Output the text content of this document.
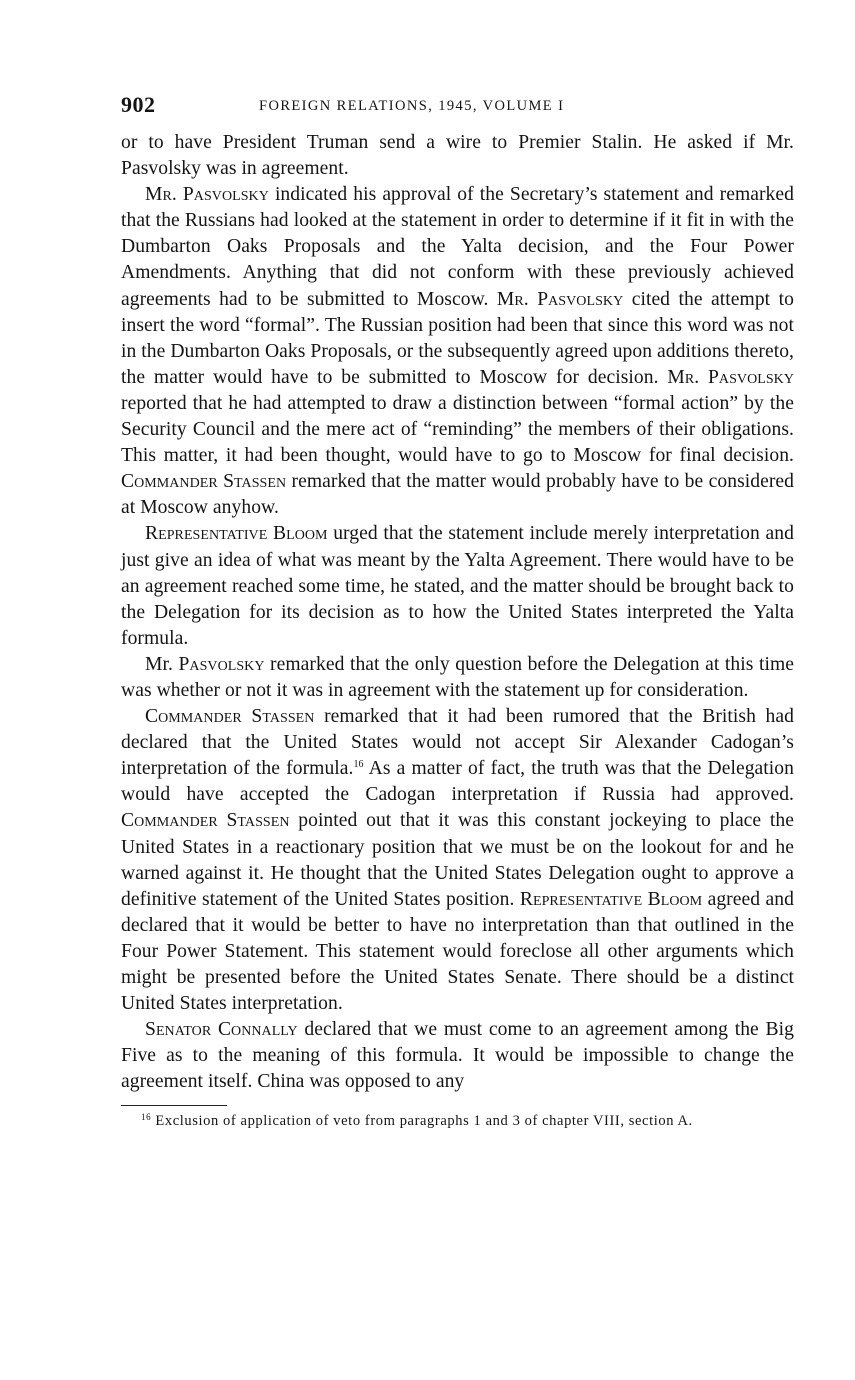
902	FOREIGN RELATIONS, 1945, VOLUME I

or to have President Truman send a wire to Premier Stalin. He asked if Mr. Pasvolsky was in agreement.

Mr. Pasvolsky indicated his approval of the Secretary’s statement and remarked that the Russians had looked at the statement in order to determine if it fit in with the Dumbarton Oaks Proposals and the Yalta decision, and the Four Power Amendments. Anything that did not conform with these previously achieved agreements had to be submitted to Moscow. Mr. Pasvolsky cited the attempt to insert the word “formal”. The Russian position had been that since this word was not in the Dumbarton Oaks Proposals, or the subsequently agreed upon additions thereto, the matter would have to be submitted to Moscow for decision. Mr. Pasvolsky reported that he had attempted to draw a distinction between “formal action” by the Security Council and the mere act of “reminding” the members of their obligations. This matter, it had been thought, would have to go to Moscow for final decision. Commander Stassen remarked that the matter would probably have to be considered at Moscow anyhow.

Representative Bloom urged that the statement include merely interpretation and just give an idea of what was meant by the Yalta Agreement. There would have to be an agreement reached some time, he stated, and the matter should be brought back to the Delegation for its decision as to how the United States interpreted the Yalta formula.

Mr. Pasvolsky remarked that the only question before the Delegation at this time was whether or not it was in agreement with the statement up for consideration.

Commander Stassen remarked that it had been rumored that the British had declared that the United States would not accept Sir Alexander Cadogan’s interpretation of the formula.$^{16}$ As a matter of fact, the truth was that the Delegation would have accepted the Cadogan interpretation if Russia had approved. Commander Stassen pointed out that it was this constant jockeying to place the United States in a reactionary position that we must be on the lookout for and he warned against it. He thought that the United States Delegation ought to approve a definitive statement of the United States position. Representative Bloom agreed and declared that it would be better to have no interpretation than that outlined in the Four Power Statement. This statement would foreclose all other arguments which might be presented before the United States Senate. There should be a distinct United States interpretation.

Senator Connally declared that we must come to an agreement among the Big Five as to the meaning of this formula. It would be impossible to change the agreement itself. China was opposed to any

$^{16}$ Exclusion of application of veto from paragraphs 1 and 3 of chapter VIII, section A.
